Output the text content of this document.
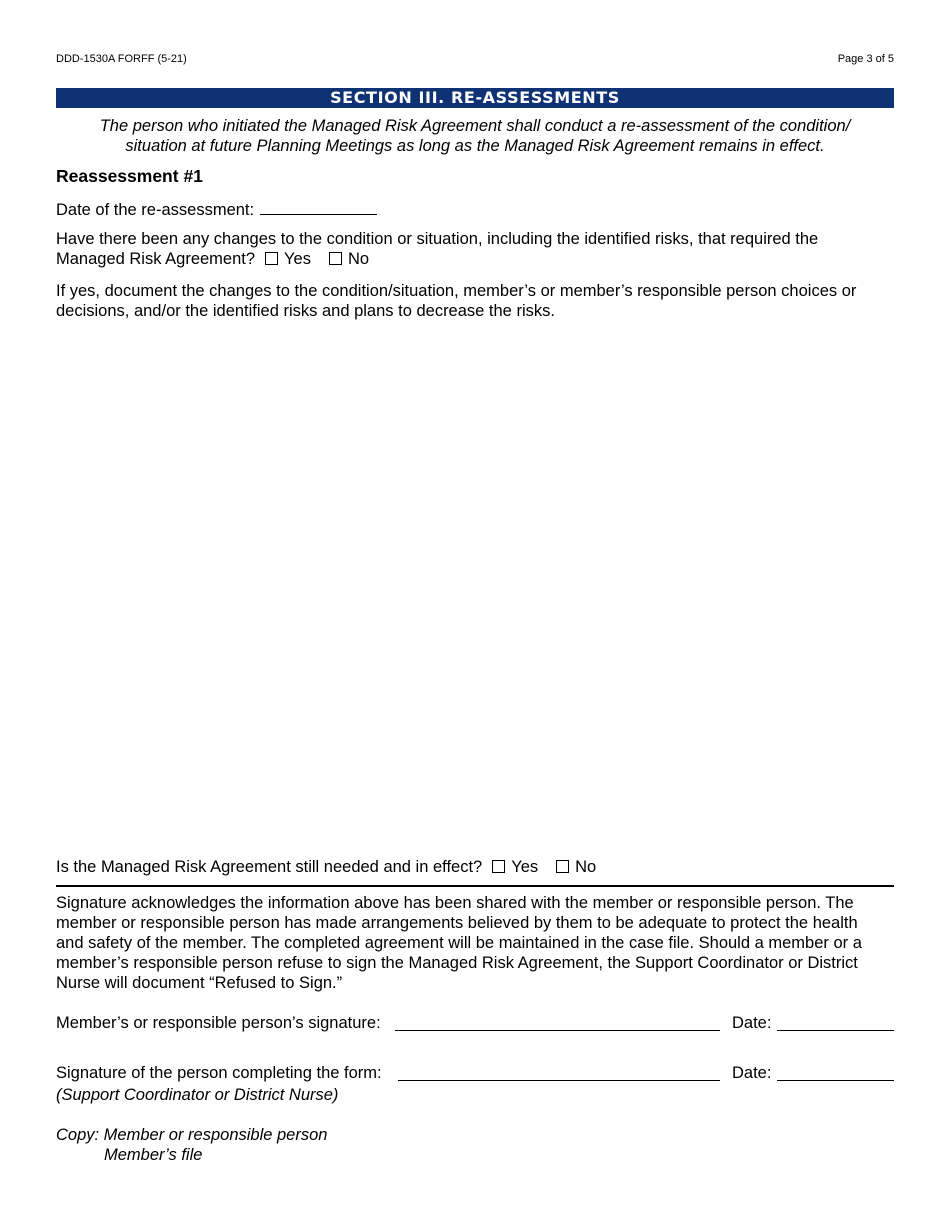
DDD-1530A FORFF (5-21)	Page 3 of 5
SECTION III. RE-ASSESSMENTS
The person who initiated the Managed Risk Agreement shall conduct a re-assessment of the condition/
situation at future Planning Meetings as long as the Managed Risk Agreement remains in effect.
Reassessment #1
Date of the re-assessment:
Have there been any changes to the condition or situation, including the identified risks, that required the
Managed Risk Agreement? Yes No
If yes, document the changes to the condition/situation, member’s or member’s responsible person choices or
decisions, and/or the identified risks and plans to decrease the risks.
Is the Managed Risk Agreement still needed and in effect? Yes No
Signature acknowledges the information above has been shared with the member or responsible person. The
member or responsible person has made arrangements believed by them to be adequate to protect the health
and safety of the member. The completed agreement will be maintained in the case file. Should a member or a
member’s responsible person refuse to sign the Managed Risk Agreement, the Support Coordinator or District
Nurse will document “Refused to Sign.”
Member’s or responsible person’s signature:	Date:
Signature of the person completing the form:	Date:
(Support Coordinator or District Nurse)
Copy: Member or responsible person
Member’s file
